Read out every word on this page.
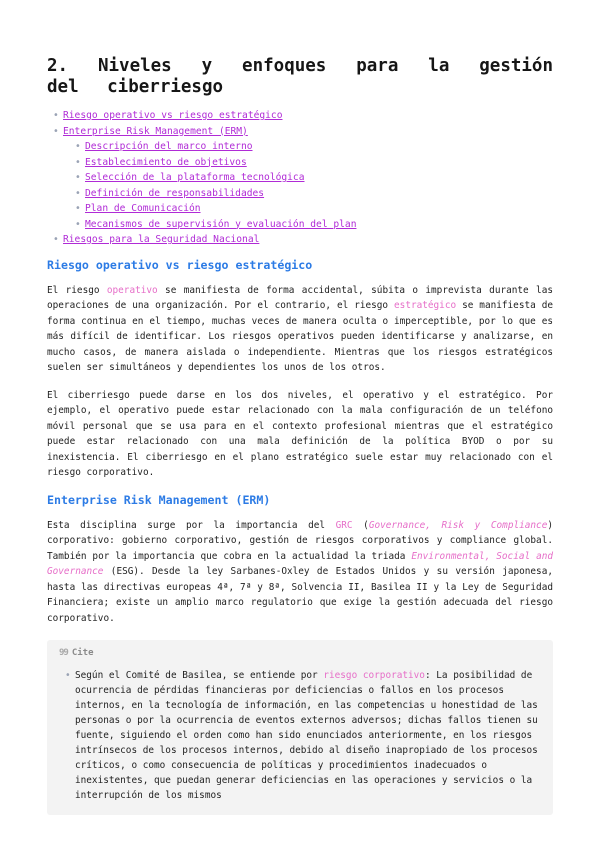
2. Niveles y enfoques para la gestión del ciberriesgo
• Riesgo operativo vs riesgo estratégico
• Enterprise Risk Management (ERM)
• Descripción del marco interno
• Establecimiento de objetivos
• Selección de la plataforma tecnológica
• Definición de responsabilidades
• Plan de Comunicación
• Mecanismos de supervisión y evaluación del plan
• Riesgos para la Seguridad Nacional
Riesgo operativo vs riesgo estratégico

El riesgo operativo se manifiesta de forma accidental, súbita o imprevista durante las operaciones de una organización. Por el contrario, el riesgo estratégico se manifiesta de forma continua en el tiempo, muchas veces de manera oculta o imperceptible, por lo que es más difícil de identificar. Los riesgos operativos pueden identificarse y analizarse, en mucho casos, de manera aislada o independiente. Mientras que los riesgos estratégicos suelen ser simultáneos y dependientes los unos de los otros.

El ciberriesgo puede darse en los dos niveles, el operativo y el estratégico. Por ejemplo, el operativo puede estar relacionado con la mala configuración de un teléfono móvil personal que se usa para en el contexto profesional mientras que el estratégico puede estar relacionado con una mala definición de la política BYOD o por su inexistencia. El ciberriesgo en el plano estratégico suele estar muy relacionado con el riesgo corporativo.

Enterprise Risk Management (ERM)

Esta disciplina surge por la importancia del GRC (Governance, Risk y Compliance) corporativo: gobierno corporativo, gestión de riesgos corporativos y compliance global. También por la importancia que cobra en la actualidad la triada Environmental, Social and Governance (ESG). Desde la ley Sarbanes-Oxley de Estados Unidos y su versión japonesa, hasta las directivas europeas 4ª, 7ª y 8ª, Solvencia II, Basilea II y la Ley de Seguridad Financiera; existe un amplio marco regulatorio que exige la gestión adecuada del riesgo corporativo.

99 Cite
• Según el Comité de Basilea, se entiende por riesgo corporativo: La posibilidad de ocurrencia de pérdidas financieras por deficiencias o fallos en los procesos internos, en la tecnología de información, en las competencias u honestidad de las personas o por la ocurrencia de eventos externos adversos; dichas fallos tienen su fuente, siguiendo el orden como han sido enunciados anteriormente, en los riesgos intrínsecos de los procesos internos, debido al diseño inapropiado de los procesos críticos, o como consecuencia de políticas y procedimientos inadecuados o inexistentes, que puedan generar deficiencias en las operaciones y servicios o la interrupción de los mismos
